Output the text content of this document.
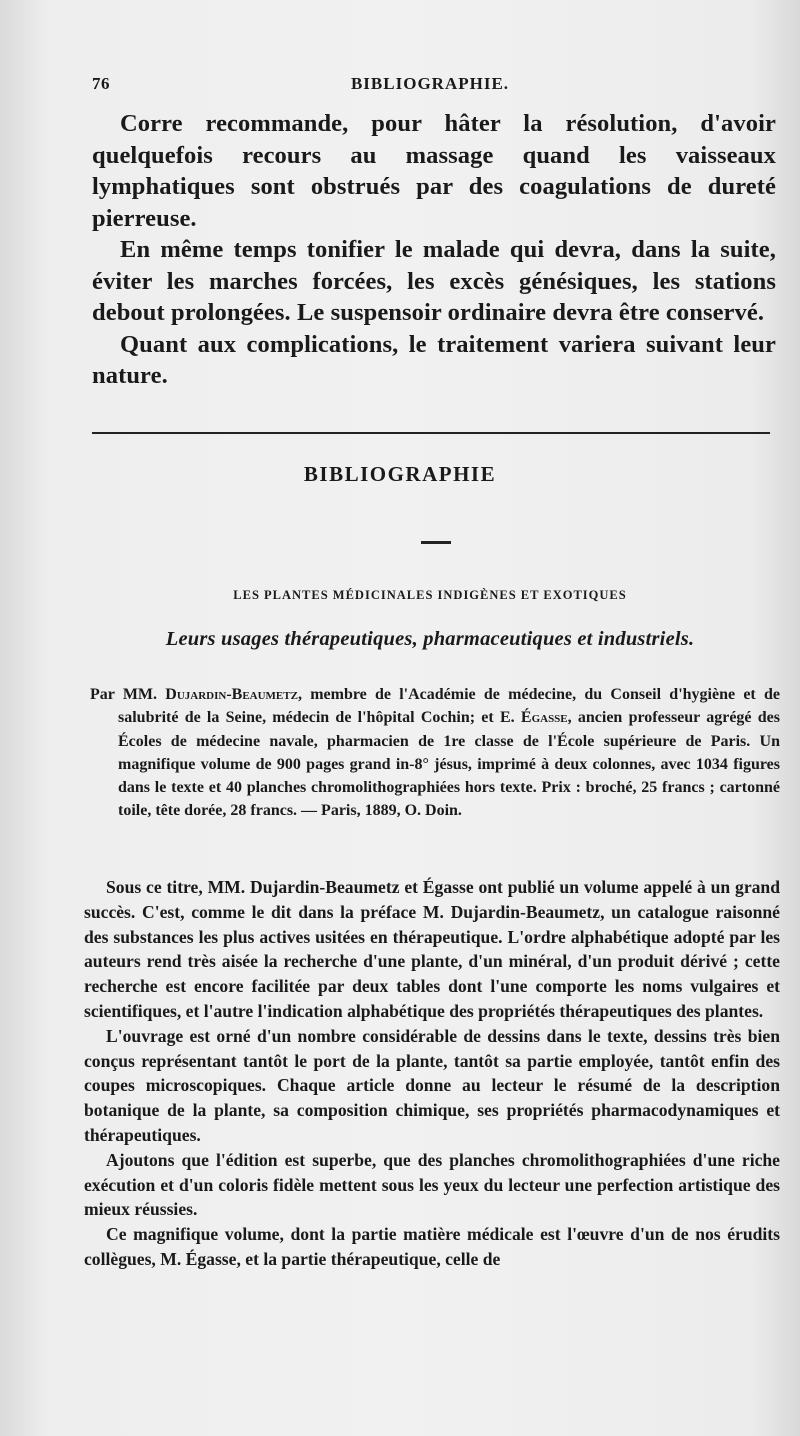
76	BIBLIOGRAPHIE.

Corre recommande, pour hâter la résolution, d'avoir quelquefois recours au massage quand les vaisseaux lymphatiques sont obstrués par des coagulations de dureté pierreuse.

En même temps tonifier le malade qui devra, dans la suite, éviter les marches forcées, les excès génésiques, les stations debout prolongées. Le suspensoir ordinaire devra être conservé.

Quant aux complications, le traitement variera suivant leur nature.

BIBLIOGRAPHIE
LES PLANTES MÉDICINALES INDIGÈNES ET EXOTIQUES
Leurs usages thérapeutiques, pharmaceutiques et industriels.

Par MM. Dujardin-Beaumetz, membre de l'Académie de médecine, du Conseil d'hygiène et de salubrité de la Seine, médecin de l'hôpital Cochin; et E. Égasse, ancien professeur agrégé des Écoles de médecine navale, pharmacien de 1re classe de l'École supérieure de Paris. Un magnifique volume de 900 pages grand in-8° jésus, imprimé à deux colonnes, avec 1034 figures dans le texte et 40 planches chromolithographiées hors texte. Prix : broché, 25 francs ; cartonné toile, tête dorée, 28 francs. — Paris, 1889, O. Doin.

Sous ce titre, MM. Dujardin-Beaumetz et Égasse ont publié un volume appelé à un grand succès. C'est, comme le dit dans la préface M. Dujardin-Beaumetz, un catalogue raisonné des substances les plus actives usitées en thérapeutique. L'ordre alphabétique adopté par les auteurs rend très aisée la recherche d'une plante, d'un minéral, d'un produit dérivé ; cette recherche est encore facilitée par deux tables dont l'une comporte les noms vulgaires et scientifiques, et l'autre l'indication alphabétique des propriétés thérapeutiques des plantes.

L'ouvrage est orné d'un nombre considérable de dessins dans le texte, dessins très bien conçus représentant tantôt le port de la plante, tantôt sa partie employée, tantôt enfin des coupes microscopiques. Chaque article donne au lecteur le résumé de la description botanique de la plante, sa composition chimique, ses propriétés pharmacodynamiques et thérapeutiques.

Ajoutons que l'édition est superbe, que des planches chromolithographiées d'une riche exécution et d'un coloris fidèle mettent sous les yeux du lecteur une perfection artistique des mieux réussies.

Ce magnifique volume, dont la partie matière médicale est l'œuvre d'un de nos érudits collègues, M. Égasse, et la partie thérapeutique, celle de
